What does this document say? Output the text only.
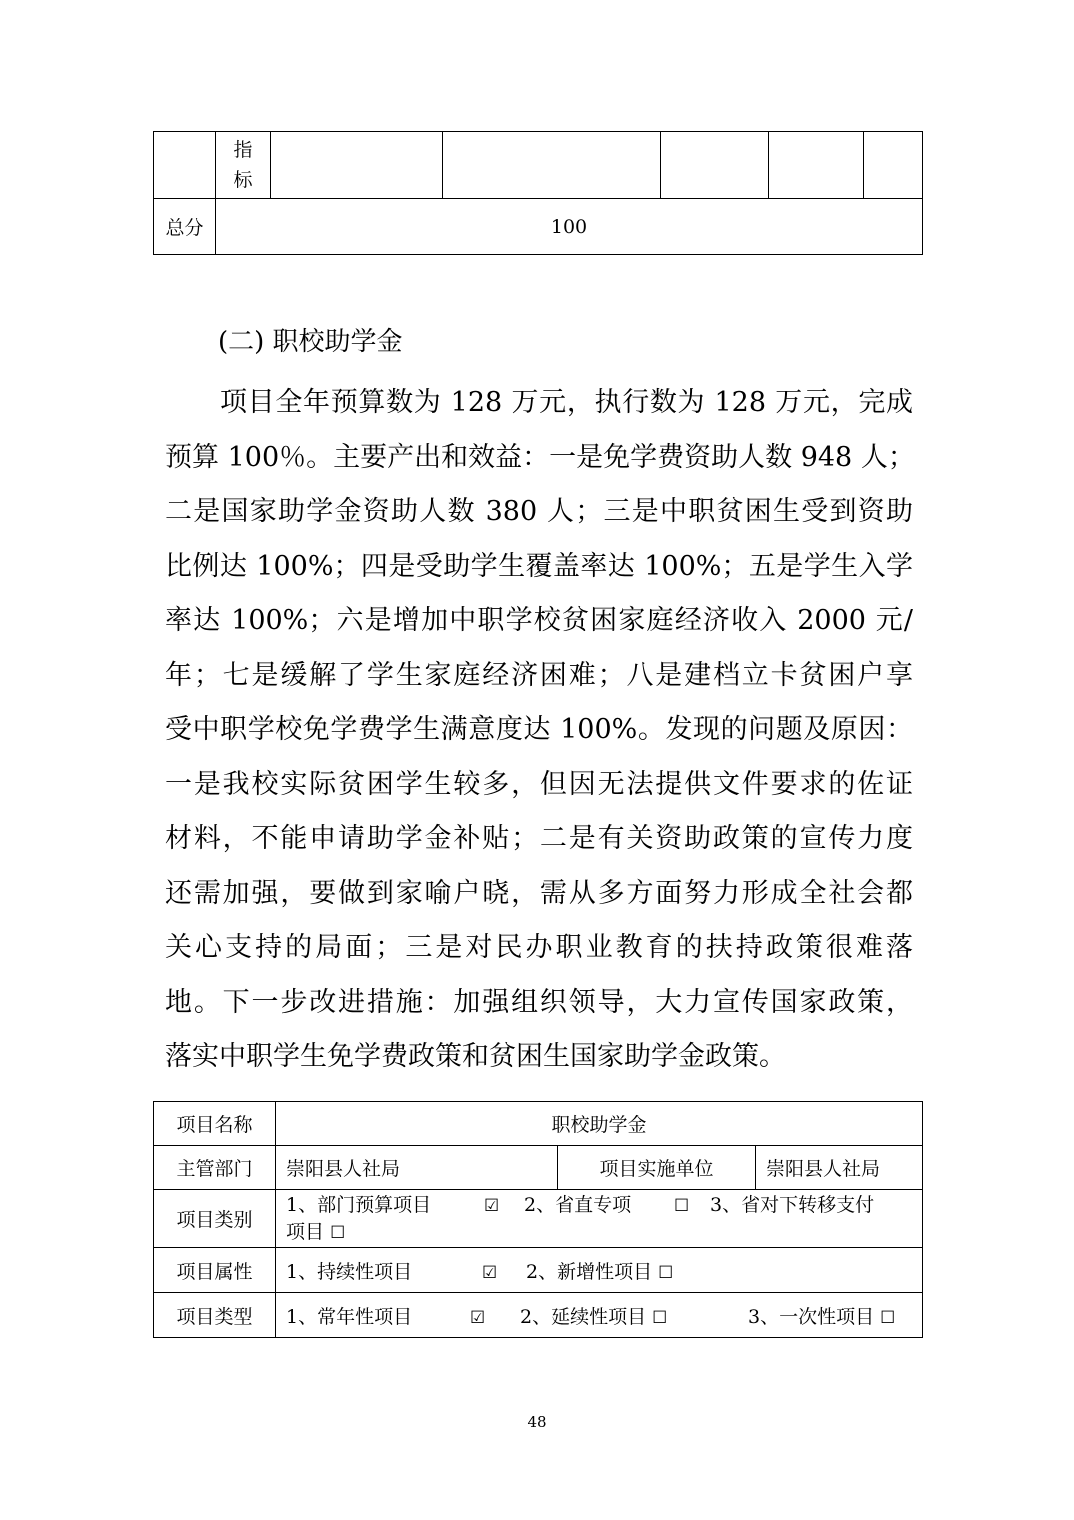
	指
标					

总分	100					
(二) 职校助学金
项目全年预算数为 128 万元，执行数为 128 万元，完成
预算 100％。主要产出和效益：一是免学费资助人数 948 人；
二是国家助学金资助人数 380 人；三是中职贫困生受到资助
比例达 100%；四是受助学生覆盖率达 100%；五是学生入学
率达 100%；六是增加中职学校贫困家庭经济收入 2000 元/
年；七是缓解了学生家庭经济困难；八是建档立卡贫困户享
受中职学校免学费学生满意度达 100%。发现的问题及原因：
一是我校实际贫困学生较多，但因无法提供文件要求的佐证
材料，不能申请助学金补贴；二是有关资助政策的宣传力度
还需加强，要做到家喻户晓，需从多方面努力形成全社会都
关心支持的局面；三是对民办职业教育的扶持政策很难落
地。下一步改进措施：加强组织领导，大力宣传国家政策，
落实中职学生免学费政策和贫困生国家助学金政策。
项目名称	职校助学金		
主管部门	崇阳县人社局	项目实施单位	崇阳县人社局
项目类别	1、部门预算项目 ☑ 2、省直专项 ☐ 3、省对下转移支付
项目 ☐		
项目属性	1、持续性项目 ☑ 2、新增性项目 ☐		
项目类型	1、常年性项目 ☑ 2、延续性项目 ☐ 3、一次性项目 ☐		
48
